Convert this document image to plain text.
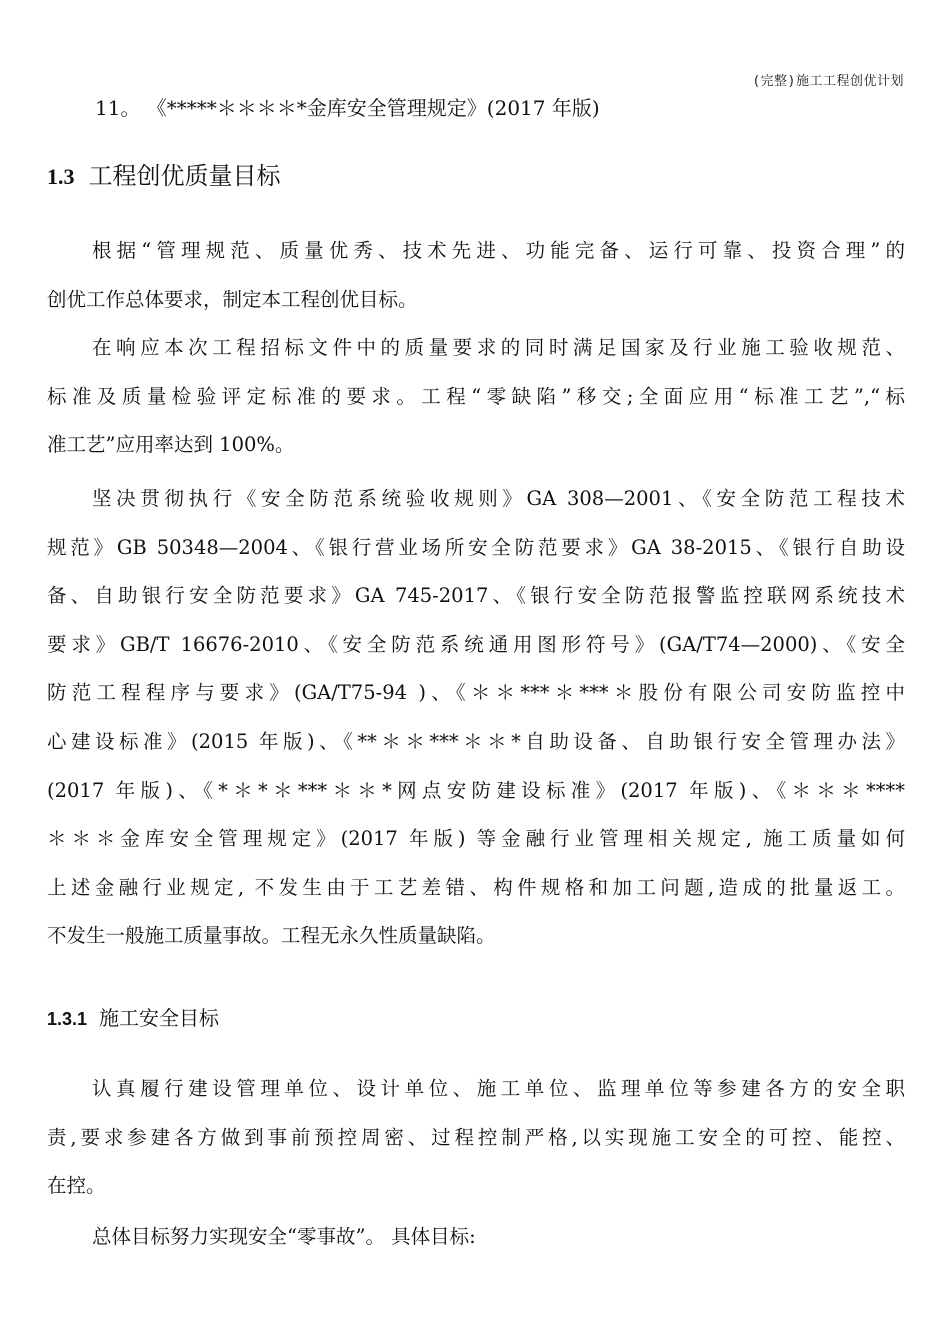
(完整)施工工程创优计划
11。 《*****＊＊＊＊*金库安全管理规定》(2017 年版)
1.3 工程创优质量目标
根据“管理规范、质量优秀、技术先进、功能完备、运行可靠、投资合理”的
创优工作总体要求，制定本工程创优目标。
在响应本次工程招标文件中的质量要求的同时满足国家及行业施工验收规范、
标准及质量检验评定标准的要求。工程“零缺陷”移交;全面应用“标准工艺”,“标
准工艺”应用率达到 100%。
坚决贯彻执行《安全防范系统验收规则》GA 308—2001、《安全防范工程技术
规范》GB 50348—2004、《银行营业场所安全防范要求》GA 38-2015、《银行自助设
备、自助银行安全防范要求》GA 745-2017、《银行安全防范报警监控联网系统技术
要求》GB/T 16676-2010、《安全防范系统通用图形符号》(GA/T74—2000)、《安全
防范工程程序与要求》(GA/T75-94 )、《＊＊***＊***＊股份有限公司安防监控中
心建设标准》(2015 年版)、《**＊＊***＊＊*自助设备、自助银行安全管理办法》
(2017 年版)、《*＊*＊***＊＊*网点安防建设标准》(2017 年版)、《＊＊＊****
＊＊＊金库安全管理规定》(2017 年版) 等金融行业管理相关规定, 施工质量如何
上述金融行业规定, 不发生由于工艺差错、构件规格和加工问题,造成的批量返工。
不发生一般施工质量事故。工程无永久性质量缺陷。
1.3.1 施工安全目标
认真履行建设管理单位、设计单位、施工单位、监理单位等参建各方的安全职
责,要求参建各方做到事前预控周密、过程控制严格,以实现施工安全的可控、能控、
在控。
总体目标努力实现安全“零事故”。 具体目标:
